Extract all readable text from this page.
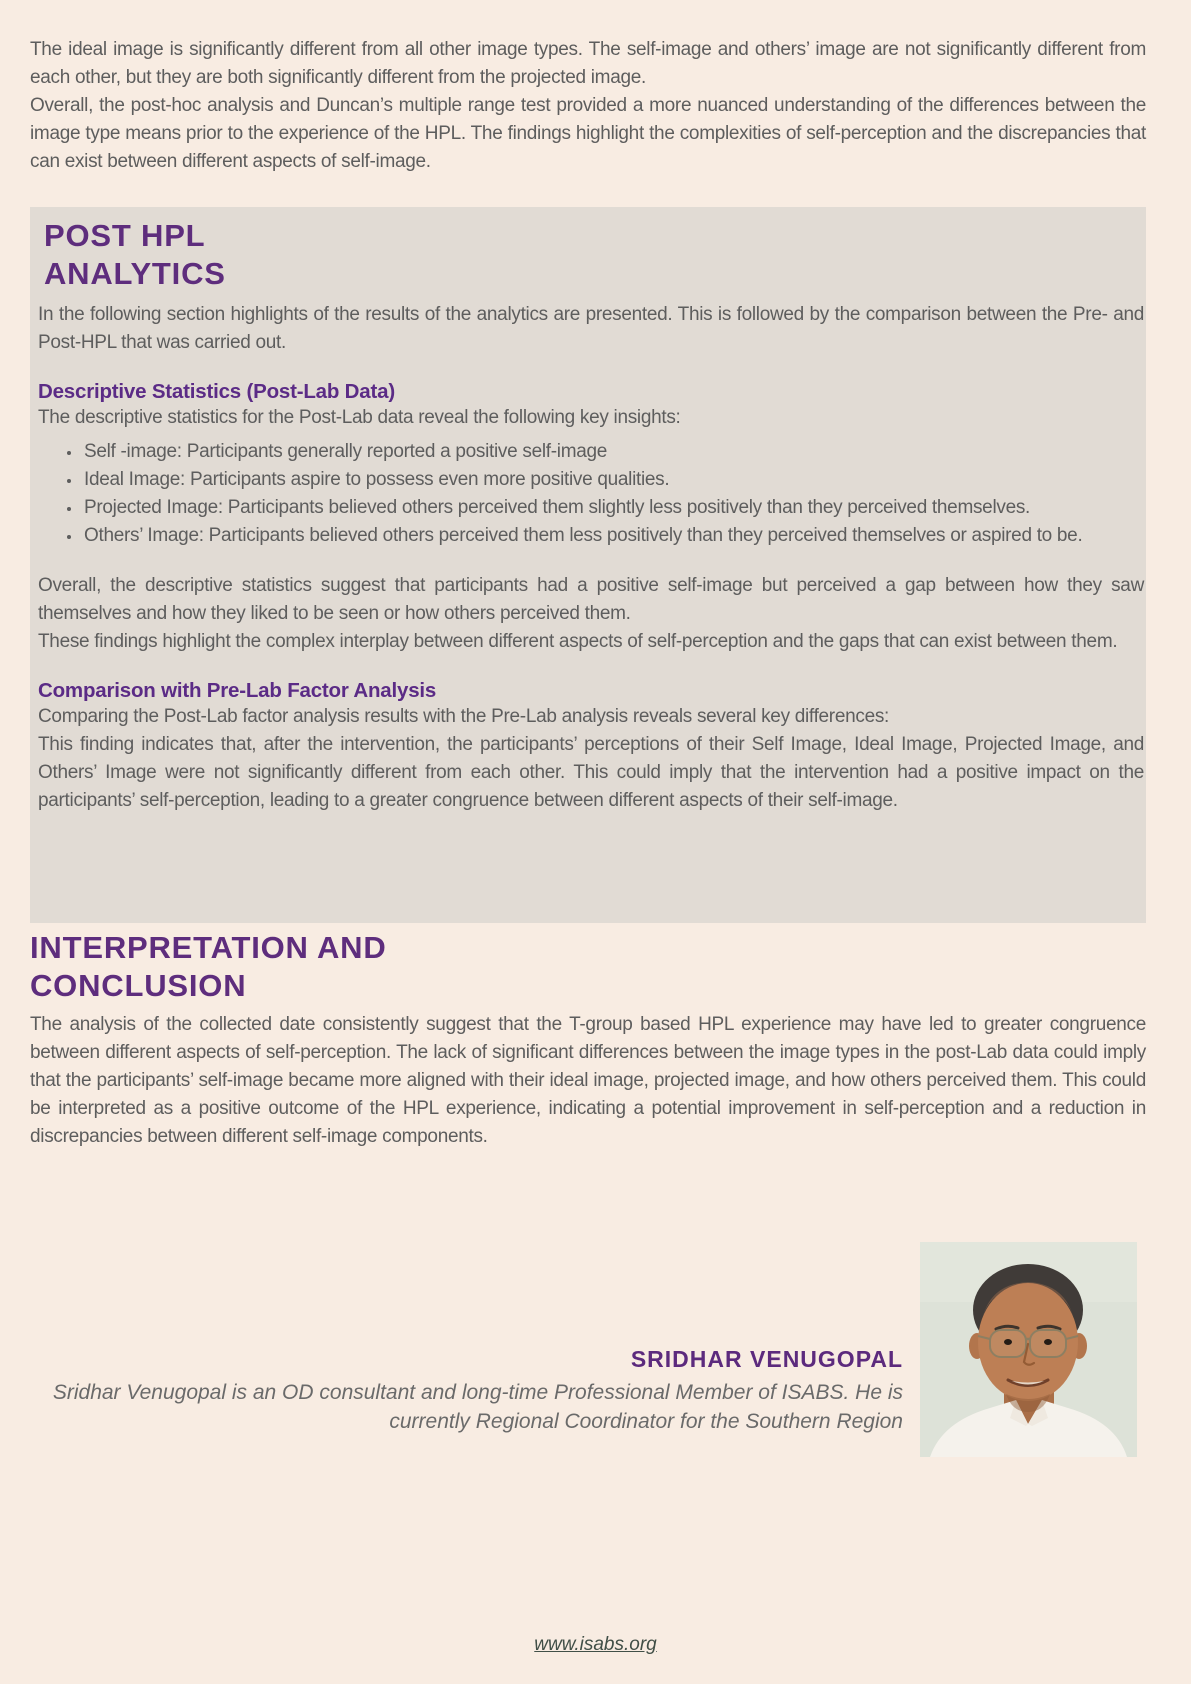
The ideal image is significantly different from all other image types. The self-image and others’ image are not significantly different from each other, but they are both significantly different from the projected image.

Overall, the post-hoc analysis and Duncan’s multiple range test provided a more nuanced understanding of the differences between the image type means prior to the experience of the HPL. The findings highlight the complexities of self-perception and the discrepancies that can exist between different aspects of self-image.

POST HPL
ANALYTICS

In the following section highlights of the results of the analytics are presented. This is followed by the comparison between the Pre- and Post-HPL that was carried out.

Descriptive Statistics (Post-Lab Data)

The descriptive statistics for the Post-Lab data reveal the following key insights:

• Self -image: Participants generally reported a positive self-image
• Ideal Image: Participants aspire to possess even more positive qualities.
• Projected Image: Participants believed others perceived them slightly less positively than they perceived themselves.
• Others’ Image: Participants believed others perceived them less positively than they perceived themselves or aspired to be.

Overall, the descriptive statistics suggest that participants had a positive self-image but perceived a gap between how they saw themselves and how they liked to be seen or how others perceived them.

These findings highlight the complex interplay between different aspects of self-perception and the gaps that can exist between them.

Comparison with Pre-Lab Factor Analysis

Comparing the Post-Lab factor analysis results with the Pre-Lab analysis reveals several key differences:

This finding indicates that, after the intervention, the participants’ perceptions of their Self Image, Ideal Image, Projected Image, and Others’ Image were not significantly different from each other. This could imply that the intervention had a positive impact on the participants’ self-perception, leading to a greater congruence between different aspects of their self-image.

INTERPRETATION AND
CONCLUSION

The analysis of the collected date consistently suggest that the T-group based HPL experience may have led to greater congruence between different aspects of self-perception. The lack of significant differences between the image types in the post-Lab data could imply that the participants’ self-image became more aligned with their ideal image, projected image, and how others perceived them. This could be interpreted as a positive outcome of the HPL experience, indicating a potential improvement in self-perception and a reduction in discrepancies between different self-image components.

SRIDHAR VENUGOPAL
Sridhar Venugopal is an OD consultant and long-time Professional Member of ISABS. He is
currently Regional Coordinator for the Southern Region
www.isabs.org
